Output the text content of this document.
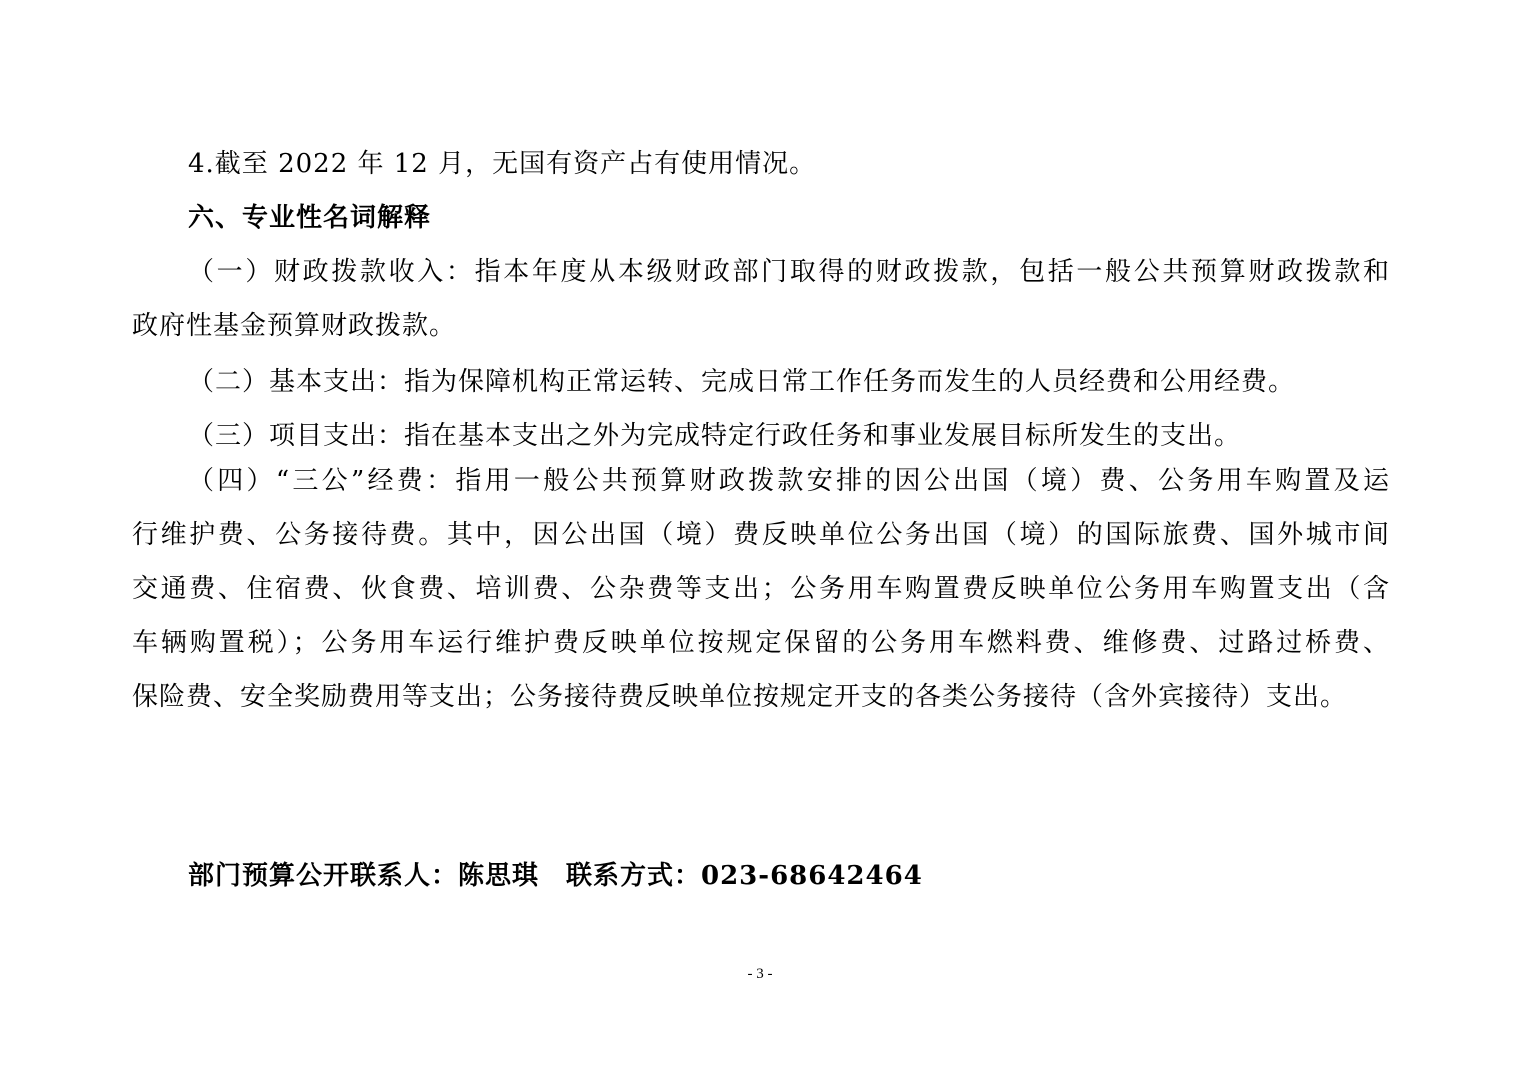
4.截至 2022 年 12 月，无国有资产占有使用情况。
六、专业性名词解释
（一）财政拨款收入：指本年度从本级财政部门取得的财政拨款，包括一般公共预算财政拨款和
政府性基金预算财政拨款。
（二）基本支出：指为保障机构正常运转、完成日常工作任务而发生的人员经费和公用经费。
（三）项目支出：指在基本支出之外为完成特定行政任务和事业发展目标所发生的支出。
（四）“三公”经费：指用一般公共预算财政拨款安排的因公出国（境）费、公务用车购置及运
行维护费、公务接待费。其中，因公出国（境）费反映单位公务出国（境）的国际旅费、国外城市间
交通费、住宿费、伙食费、培训费、公杂费等支出；公务用车购置费反映单位公务用车购置支出（含
车辆购置税）；公务用车运行维护费反映单位按规定保留的公务用车燃料费、维修费、过路过桥费、
保险费、安全奖励费用等支出；公务接待费反映单位按规定开支的各类公务接待（含外宾接待）支出。
部门预算公开联系人：陈思琪　联系方式：023-68642464
- 3 -
